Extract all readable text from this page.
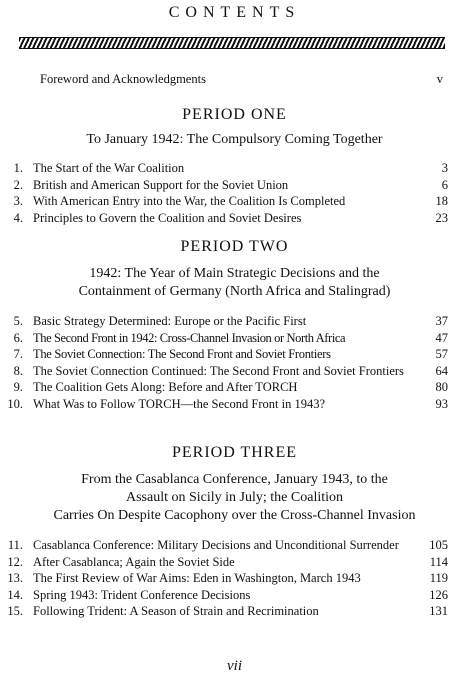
CONTENTS
Foreword and Acknowledgments	v
PERIOD ONE
To January 1942: The Compulsory Coming Together
1. The Start of the War Coalition	3
2. British and American Support for the Soviet Union	6
3. With American Entry into the War, the Coalition Is Completed	18
4. Principles to Govern the Coalition and Soviet Desires	23
PERIOD TWO
1942: The Year of Main Strategic Decisions and the
Containment of Germany (North Africa and Stalingrad)
5. Basic Strategy Determined: Europe or the Pacific First	37
6. The Second Front in 1942: Cross-Channel Invasion or North Africa	47
7. The Soviet Connection: The Second Front and Soviet Frontiers	57
8. The Soviet Connection Continued: The Second Front and Soviet Frontiers	64
9. The Coalition Gets Along: Before and After TORCH	80
10. What Was to Follow TORCH—the Second Front in 1943?	93
PERIOD THREE
From the Casablanca Conference, January 1943, to the
Assault on Sicily in July; the Coalition
Carries On Despite Cacophony over the Cross-Channel Invasion
11. Casablanca Conference: Military Decisions and Unconditional Surrender	105
12. After Casablanca; Again the Soviet Side	114
13. The First Review of War Aims: Eden in Washington, March 1943	119
14. Spring 1943: Trident Conference Decisions	126
15. Following Trident: A Season of Strain and Recrimination	131
vii
